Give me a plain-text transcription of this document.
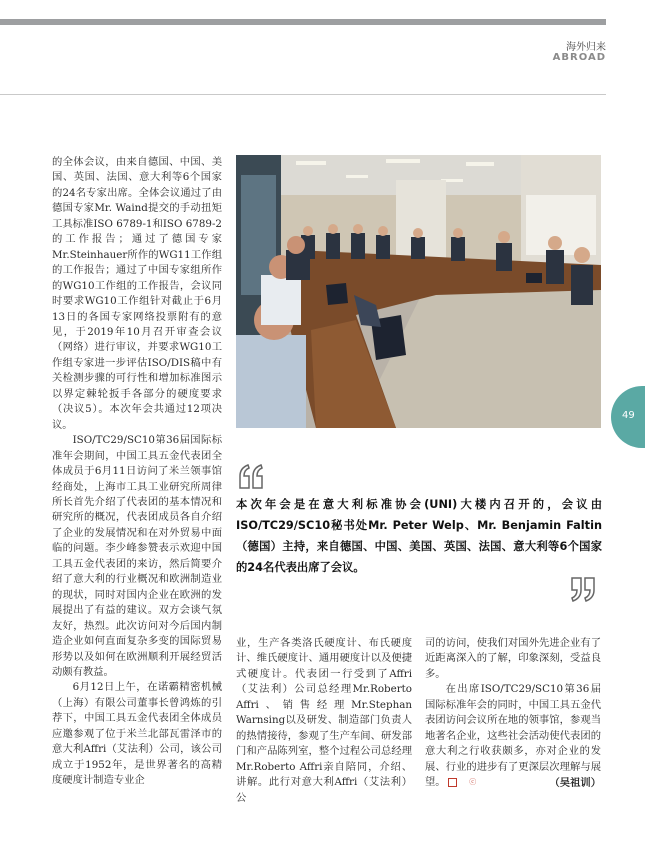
海外归来
ABROAD
49

的全体会议，由来自德国、中国、美国、英国、法国、意大利等6个国家的24名专家出席。全体会议通过了由德国专家Mr. Waind提交的手动扭矩工具标准ISO 6789-1和ISO 6789-2的工作报告；通过了德国专家Mr.Steinhauer所作的WG11工作组的工作报告；通过了中国专家组所作的WG10工作组的工作报告，会议同时要求WG10工作组针对截止于6月13日的各国专家网络投票附有的意见，于2019年10月召开审查会议（网络）进行审议，并要求WG10工作组专家进一步评估ISO/DIS稿中有关检测步骤的可行性和增加标准图示以界定棘轮扳手各部分的硬度要求（决议5）。本次年会共通过12项决议。

ISO/TC29/SC10第36届国际标准年会期间，中国工具五金代表团全体成员于6月11日访问了米兰领事馆经商处，上海市工具工业研究所周律所长首先介绍了代表团的基本情况和研究所的概况，代表团成员各自介绍了企业的发展情况和在对外贸易中面临的问题。李少峰参赞表示欢迎中国工具五金代表团的来访，然后简要介绍了意大利的行业概况和欧洲制造业的现状，同时对国内企业在欧洲的发展提出了有益的建议。双方会谈气氛友好，热烈。此次访问对今后国内制造企业如何直面复杂多变的国际贸易形势以及如何在欧洲顺利开展经贸活动颇有教益。

6月12日上午，在诺霸精密机械（上海）有限公司董事长曾鸿炼的引荐下，中国工具五金代表团全体成员应邀参观了位于米兰北部瓦雷泽市的意大利Affri（艾法利）公司，该公司成立于1952年，是世界著名的高精度硬度计制造专业企

本次年会是在意大利标准协会(UNI)大楼内召开的，会议由ISO/TC29/SC10秘书处Mr. Peter Welp、Mr. Benjamin Faltin（德国）主持，来自德国、中国、美国、英国、法国、意大利等6个国家的24名代表出席了会议。

业，生产各类洛氏硬度计、布氏硬度计、维氏硬度计、通用硬度计以及便捷式硬度计。代表团一行受到了Affri（艾法利）公司总经理Mr.Roberto Affri、销售经理Mr.Stephan Warnsing以及研发、制造部门负责人的热情接待，参观了生产车间、研发部门和产品陈列室，整个过程公司总经理Mr.Roberto Affri亲自陪同，介绍、讲解。此行对意大利Affri（艾法利）公

司的访问，使我们对国外先进企业有了近距离深入的了解，印象深刻，受益良多。

在出席ISO/TC29/SC10第36届国际标准年会的同时，中国工具五金代表团访问会议所在地的领事馆，参观当地著名企业，这些社会活动使代表团的意大利之行收获颇多，亦对企业的发展、行业的进步有了更深层次理解与展望。	ⓒ	（吴祖训）
